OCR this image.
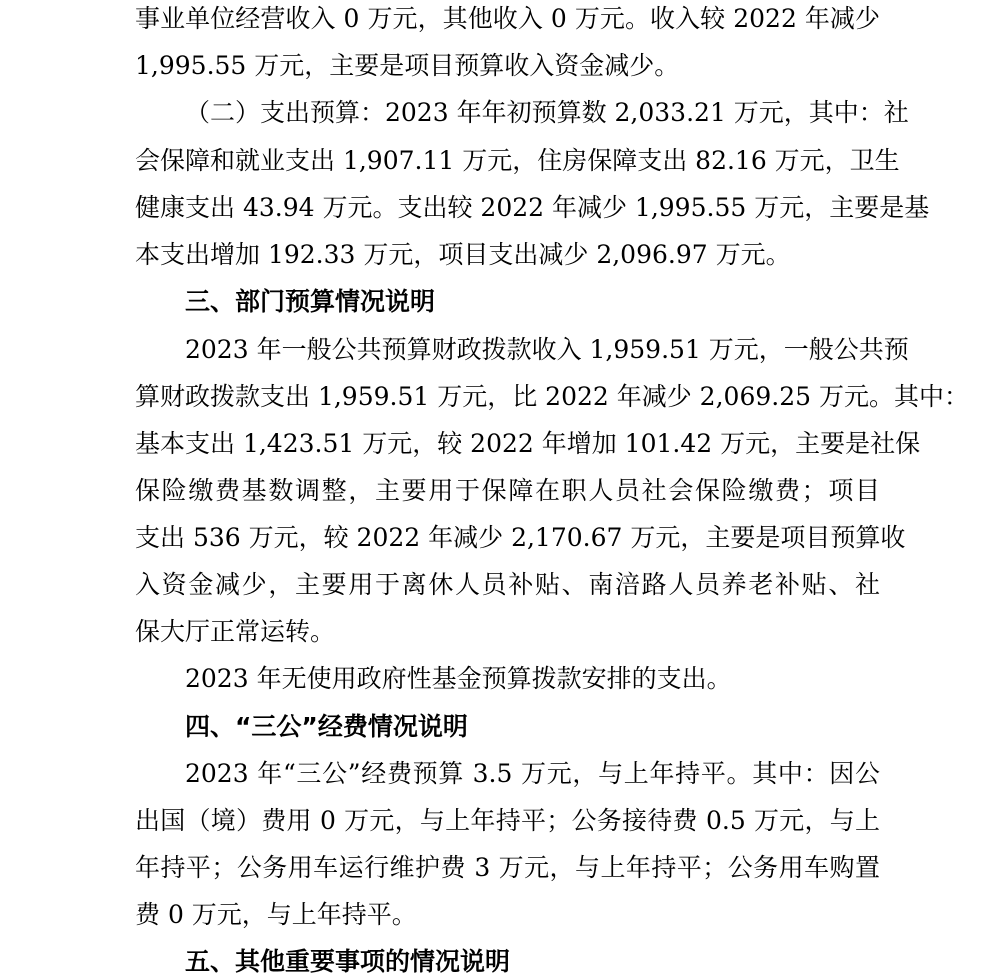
事业单位经营收入 0 万元，其他收入 0 万元。收入较 2022 年减少
1,995.55 万元，主要是项目预算收入资金减少。
（二）支出预算：2023 年年初预算数 2,033.21 万元，其中：社
会保障和就业支出 1,907.11 万元，住房保障支出 82.16 万元，卫生
健康支出 43.94 万元。支出较 2022 年减少 1,995.55 万元，主要是基
本支出增加 192.33 万元，项目支出减少 2,096.97 万元。
三、部门预算情况说明
2023 年一般公共预算财政拨款收入 1,959.51 万元，一般公共预
算财政拨款支出 1,959.51 万元，比 2022 年减少 2,069.25 万元。其中：
基本支出 1,423.51 万元，较 2022 年增加 101.42 万元，主要是社保
保险缴费基数调整，主要用于保障在职人员社会保险缴费；项目
支出 536 万元，较 2022 年减少 2,170.67 万元，主要是项目预算收
入资金减少，主要用于离休人员补贴、南涪路人员养老补贴、社
保大厅正常运转。
2023 年无使用政府性基金预算拨款安排的支出。
四、“三公”经费情况说明
2023 年“三公”经费预算 3.5 万元，与上年持平。其中：因公
出国（境）费用 0 万元，与上年持平；公务接待费 0.5 万元，与上
年持平；公务用车运行维护费 3 万元，与上年持平；公务用车购置
费 0 万元，与上年持平。
五、其他重要事项的情况说明
